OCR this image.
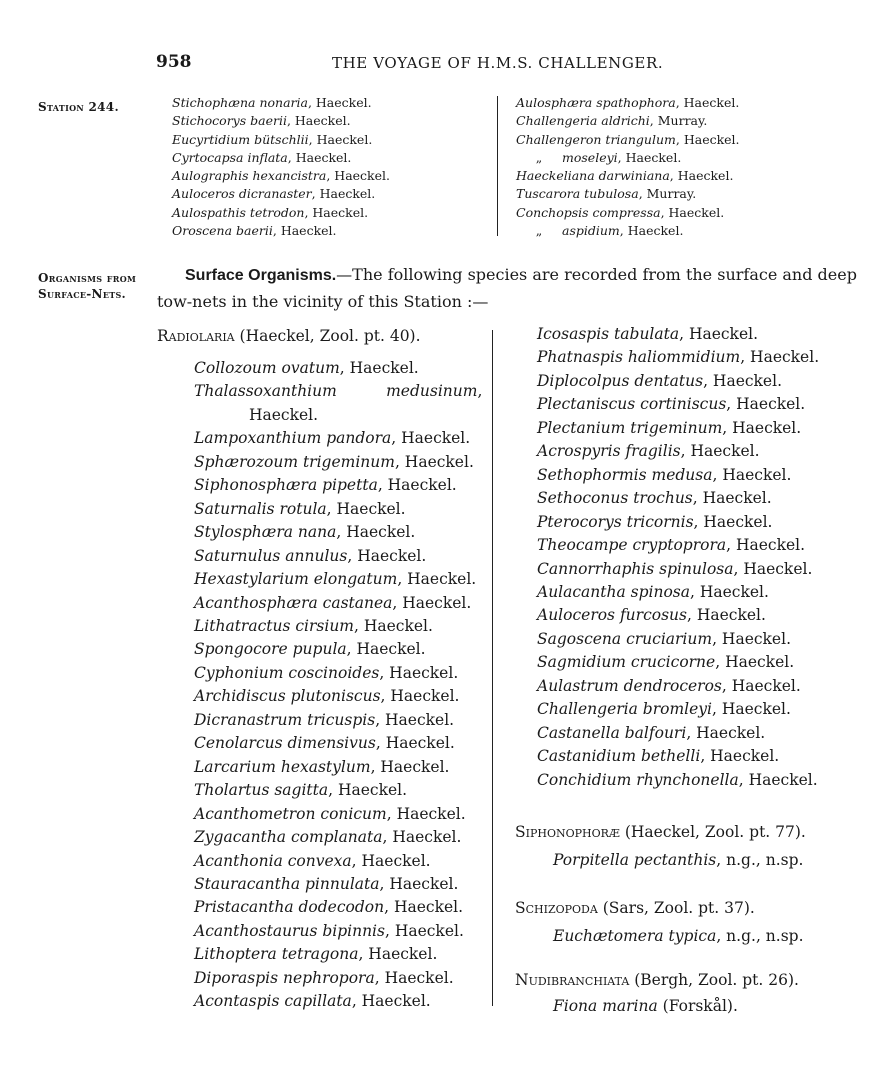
958	THE VOYAGE OF H.M.S. CHALLENGER.
Station 244.	Stichophæna nonaria, Haeckel.
Stichocorys baerii, Haeckel.
Eucyrtidium bütschlii, Haeckel.
Cyrtocapsa inflata, Haeckel.
Aulographis hexancistra, Haeckel.
Auloceros dicranaster, Haeckel.
Aulospathis tetrodon, Haeckel.
Oroscena baerii, Haeckel.
Aulosphæra spathophora, Haeckel.
Challengeria aldrichi, Murray.
Challengeron triangulum, Haeckel.
„ moseleyi, Haeckel.
Haeckeliana darwiniana, Haeckel.
Tuscarora tubulosa, Murray.
Conchopsis compressa, Haeckel.
„ aspidium, Haeckel.
Organisms from
Surface-Nets.
Surface Organisms.—The following species are recorded from the surface and deep
tow-nets in the vicinity of this Station :—
Radiolaria (Haeckel, Zool. pt. 40).
Collozoum ovatum, Haeckel.
Thalassoxanthium	medusinum,
Haeckel.
Lampoxanthium pandora, Haeckel.
Sphærozoum trigeminum, Haeckel.
Siphonosphæra pipetta, Haeckel.
Saturnalis rotula, Haeckel.
Stylosphæra nana, Haeckel.
Saturnulus annulus, Haeckel.
Hexastylarium elongatum, Haeckel.
Acanthosphæra castanea, Haeckel.
Lithatractus cirsium, Haeckel.
Spongocore pupula, Haeckel.
Cyphonium coscinoides, Haeckel.
Archidiscus plutoniscus, Haeckel.
Dicranastrum tricuspis, Haeckel.
Cenolarcus dimensivus, Haeckel.
Larcarium hexastylum, Haeckel.
Tholartus sagitta, Haeckel.
Acanthometron conicum, Haeckel.
Zygacantha complanata, Haeckel.
Acanthonia convexa, Haeckel.
Stauracantha pinnulata, Haeckel.
Pristacantha dodecodon, Haeckel.
Acanthostaurus bipinnis, Haeckel.
Lithoptera tetragona, Haeckel.
Diporaspis nephropora, Haeckel.
Acontaspis capillata, Haeckel.
Icosaspis tabulata, Haeckel.
Phatnaspis haliommidium, Haeckel.
Diplocolpus dentatus, Haeckel.
Plectaniscus cortiniscus, Haeckel.
Plectanium trigeminum, Haeckel.
Acrospyris fragilis, Haeckel.
Sethophormis medusa, Haeckel.
Sethoconus trochus, Haeckel.
Pterocorys tricornis, Haeckel.
Theocampe cryptoprora, Haeckel.
Cannorrhaphis spinulosa, Haeckel.
Aulacantha spinosa, Haeckel.
Auloceros furcosus, Haeckel.
Sagoscena cruciarium, Haeckel.
Sagmidium crucicorne, Haeckel.
Aulastrum dendroceros, Haeckel.
Challengeria bromleyi, Haeckel.
Castanella balfouri, Haeckel.
Castanidium bethelli, Haeckel.
Conchidium rhynchonella, Haeckel.
Siphonophoræ (Haeckel, Zool. pt. 77).
Porpitella pectanthis, n.g., n.sp.
Schizopoda (Sars, Zool. pt. 37).
Euchætomera typica, n.g., n.sp.
Nudibranchiata (Bergh, Zool. pt. 26).
Fiona marina (Forskål).
